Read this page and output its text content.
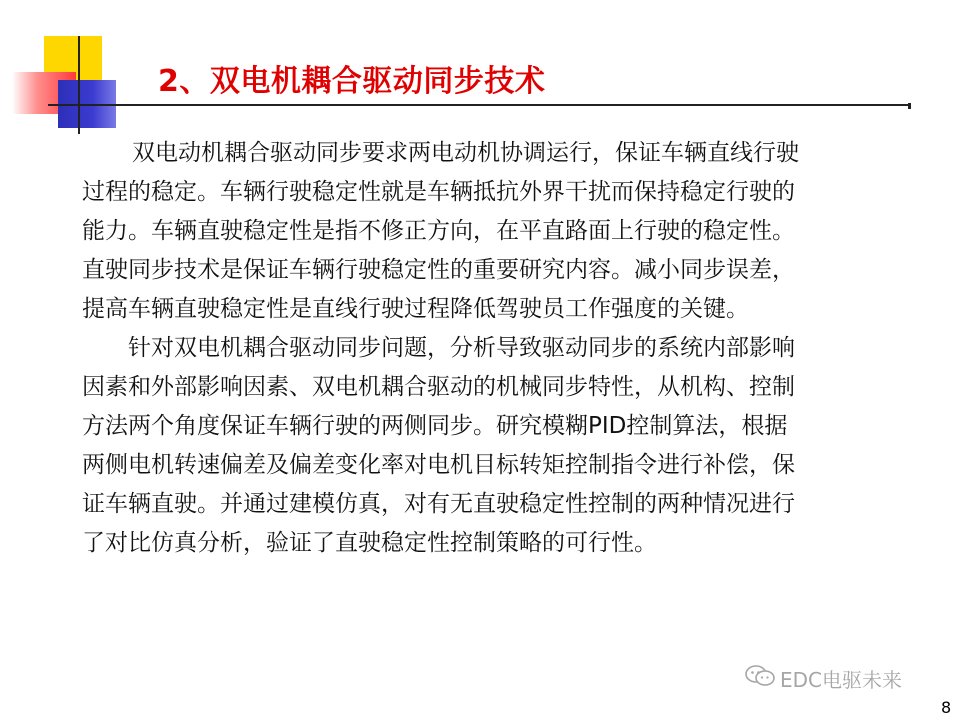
2、双电机耦合驱动同步技术
双电动机耦合驱动同步要求两电动机协调运行，保证车辆直线行驶
过程的稳定。车辆行驶稳定性就是车辆抵抗外界干扰而保持稳定行驶的
能力。车辆直驶稳定性是指不修正方向，在平直路面上行驶的稳定性。
直驶同步技术是保证车辆行驶稳定性的重要研究内容。减小同步误差，
提高车辆直驶稳定性是直线行驶过程降低驾驶员工作强度的关键。
针对双电机耦合驱动同步问题，分析导致驱动同步的系统内部影响
因素和外部影响因素、双电机耦合驱动的机械同步特性，从机构、控制
方法两个角度保证车辆行驶的两侧同步。研究模糊PID控制算法，根据
两侧电机转速偏差及偏差变化率对电机目标转矩控制指令进行补偿，保
证车辆直驶。并通过建模仿真，对有无直驶稳定性控制的两种情况进行
了对比仿真分析，验证了直驶稳定性控制策略的可行性。
EDC电驱未来
8
